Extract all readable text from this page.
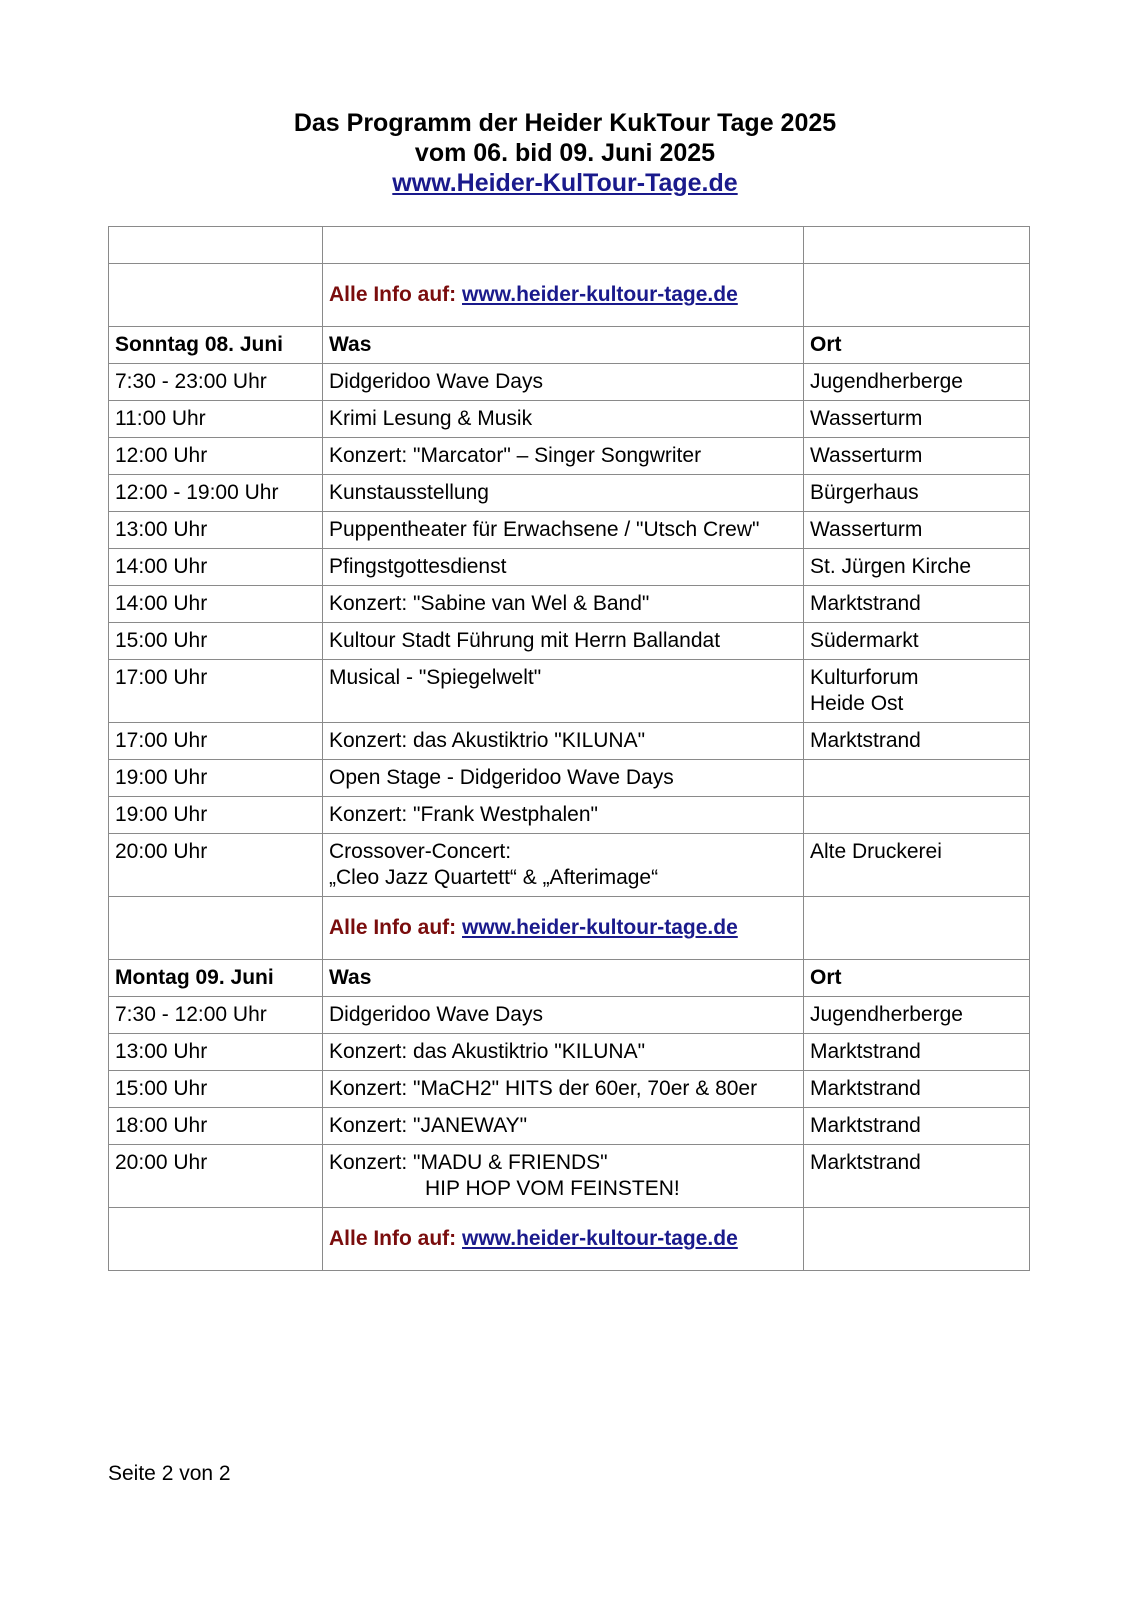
Das Programm der Heider KukTour Tage 2025

vom 06. bid 09. Juni 2025

www.Heider-KulTour-Tage.de

	Alle Info auf: www.heider-kultour-tage.de	
Sonntag 08. Juni	Was	Ort
7:30 - 23:00 Uhr	Didgeridoo Wave Days	Jugendherberge

11:00 Uhr	Krimi Lesung & Musik	Wasserturm

12:00 Uhr	Konzert: "Marcator" – Singer Songwriter	Wasserturm

12:00 - 19:00 Uhr	Kunstausstellung	Bürgerhaus

13:00 Uhr	Puppentheater für Erwachsene / "Utsch Crew"	Wasserturm

14:00 Uhr	Pfingstgottesdienst	St. Jürgen Kirche

14:00 Uhr	Konzert: "Sabine van Wel & Band"	Marktstrand

15:00 Uhr	Kultour Stadt Führung mit Herrn Ballandat	Südermarkt

17:00 Uhr	Musical - "Spiegelwelt"	Kulturforum
Heide Ost

17:00 Uhr	Konzert: das Akustiktrio "KILUNA"	Marktstrand

19:00 Uhr	Open Stage - Didgeridoo Wave Days	

19:00 Uhr	Konzert: "Frank Westphalen"	

20:00 Uhr	Crossover-Concert:
„Cleo Jazz Quartett“ & „Afterimage“	Alte Druckerei

	Alle Info auf: www.heider-kultour-tage.de	
Montag 09. Juni	Was	Ort
7:30 - 12:00 Uhr	Didgeridoo Wave Days	Jugendherberge

13:00 Uhr	Konzert: das Akustiktrio "KILUNA"	Marktstrand

15:00 Uhr	Konzert: "MaCH2" HITS der 60er, 70er & 80er	Marktstrand

18:00 Uhr	Konzert: "JANEWAY"	Marktstrand

20:00 Uhr	Konzert: "MADU & FRIENDS"
HIP HOP VOM FEINSTEN!	Marktstrand

	Alle Info auf: www.heider-kultour-tage.de	
Seite 2 von 2
